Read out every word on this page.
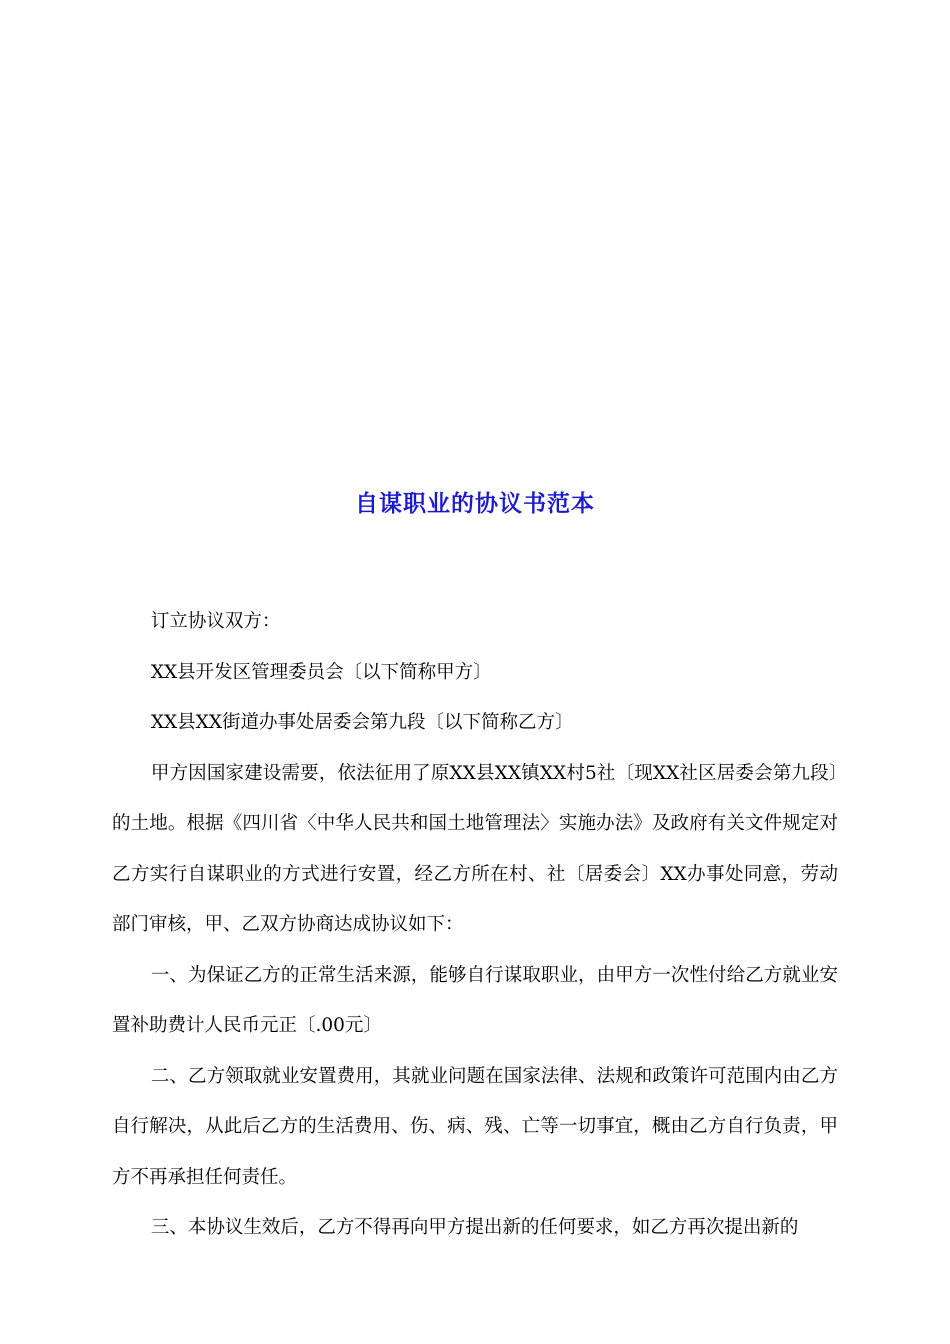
自谋职业的协议书范本

订立协议双方：

XX县开发区管理委员会〔以下简称甲方〕

XX县XX街道办事处居委会第九段〔以下简称乙方〕

甲方因国家建设需要，依法征用了原XX县XX镇XX村5社〔现XX社区居委会第九段〕的土地。根据《四川省〈中华人民共和国土地管理法〉实施办法》及政府有关文件规定对乙方实行自谋职业的方式进行安置，经乙方所在村、社〔居委会〕XX办事处同意，劳动部门审核，甲、乙双方协商达成协议如下：

一、为保证乙方的正常生活来源，能够自行谋取职业，由甲方一次性付给乙方就业安置补助费计人民币元正〔.00元〕

二、乙方领取就业安置费用，其就业问题在国家法律、法规和政策许可范围内由乙方自行解决，从此后乙方的生活费用、伤、病、残、亡等一切事宜，概由乙方自行负责，甲方不再承担任何责任。

三、本协议生效后，乙方不得再向甲方提出新的任何要求，如乙方再次提出新的
